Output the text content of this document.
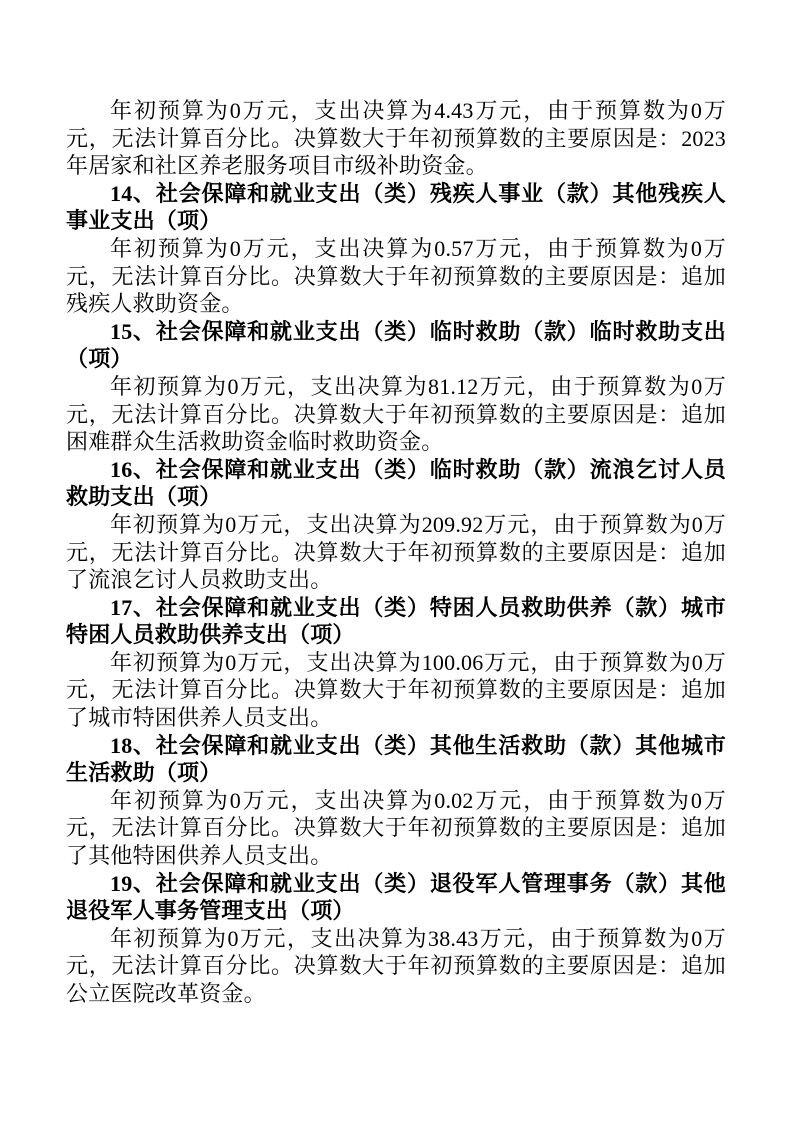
年初预算为0万元，支出决算为4.43万元，由于预算数为0万元，无法计算百分比。决算数大于年初预算数的主要原因是：2023年居家和社区养老服务项目市级补助资金。

14、社会保障和就业支出（类）残疾人事业（款）其他残疾人事业支出（项）

年初预算为0万元，支出决算为0.57万元，由于预算数为0万元，无法计算百分比。决算数大于年初预算数的主要原因是：追加残疾人救助资金。

15、社会保障和就业支出（类）临时救助（款）临时救助支出（项）

年初预算为0万元，支出决算为81.12万元，由于预算数为0万元，无法计算百分比。决算数大于年初预算数的主要原因是：追加困难群众生活救助资金临时救助资金。

16、社会保障和就业支出（类）临时救助（款）流浪乞讨人员救助支出（项）

年初预算为0万元，支出决算为209.92万元，由于预算数为0万元，无法计算百分比。决算数大于年初预算数的主要原因是：追加了流浪乞讨人员救助支出。

17、社会保障和就业支出（类）特困人员救助供养（款）城市特困人员救助供养支出（项）

年初预算为0万元，支出决算为100.06万元，由于预算数为0万元，无法计算百分比。决算数大于年初预算数的主要原因是：追加了城市特困供养人员支出。

18、社会保障和就业支出（类）其他生活救助（款）其他城市生活救助（项）

年初预算为0万元，支出决算为0.02万元，由于预算数为0万元，无法计算百分比。决算数大于年初预算数的主要原因是：追加了其他特困供养人员支出。

19、社会保障和就业支出（类）退役军人管理事务（款）其他退役军人事务管理支出（项）

年初预算为0万元，支出决算为38.43万元，由于预算数为0万元，无法计算百分比。决算数大于年初预算数的主要原因是：追加公立医院改革资金。
